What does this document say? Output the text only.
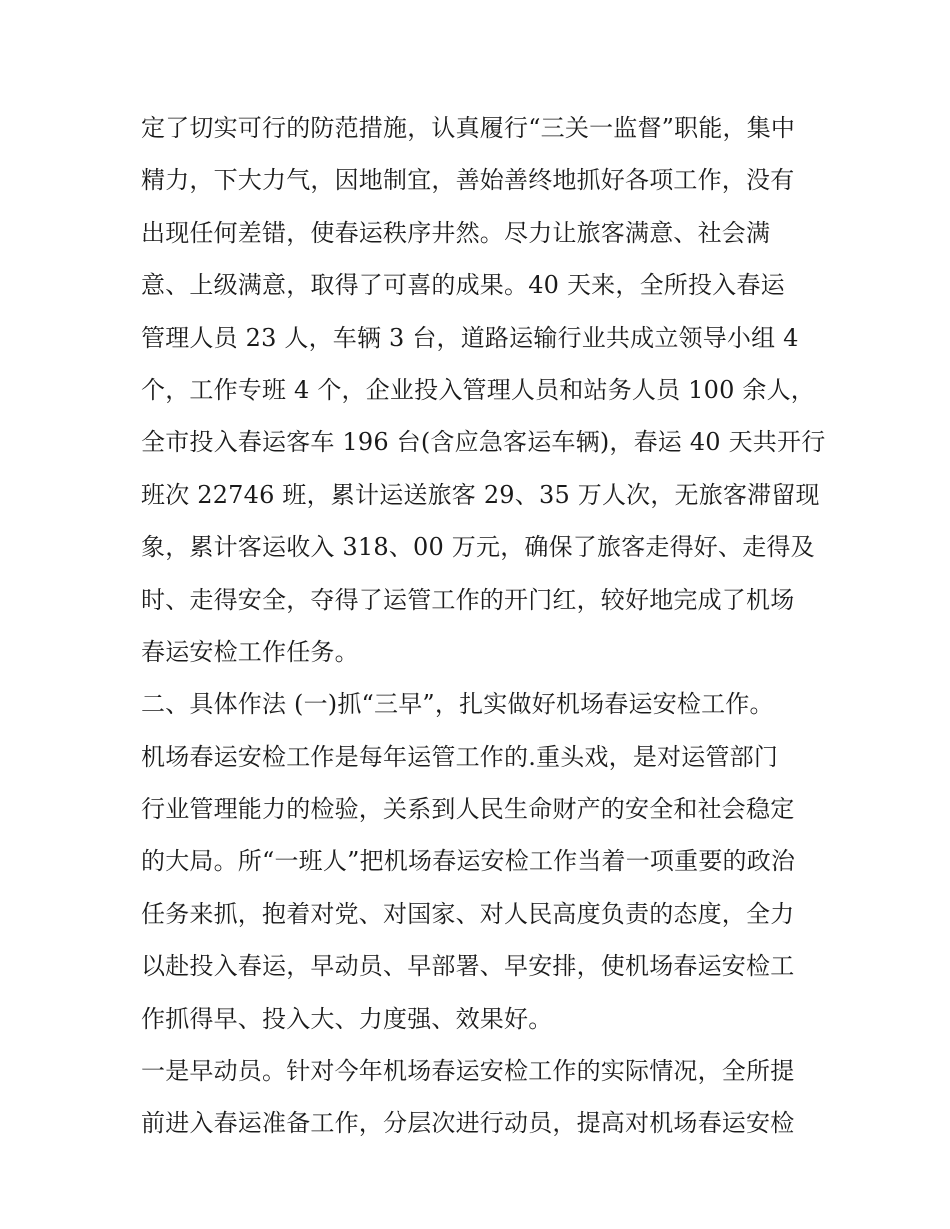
定了切实可行的防范措施，认真履行“三关一监督”职能，集中
精力，下大力气，因地制宜，善始善终地抓好各项工作，没有
出现任何差错，使春运秩序井然。尽力让旅客满意、社会满
意、上级满意，取得了可喜的成果。40 天来，全所投入春运
管理人员 23 人，车辆 3 台，道路运输行业共成立领导小组 4
个，工作专班 4 个，企业投入管理人员和站务人员 100 余人，
全市投入春运客车 196 台(含应急客运车辆)，春运 40 天共开行
班次 22746 班，累计运送旅客 29、35 万人次，无旅客滞留现
象，累计客运收入 318、00 万元，确保了旅客走得好、走得及
时、走得安全，夺得了运管工作的开门红，较好地完成了机场
春运安检工作任务。
二、具体作法 (一)抓“三早”，扎实做好机场春运安检工作。
机场春运安检工作是每年运管工作的.重头戏，是对运管部门
行业管理能力的检验，关系到人民生命财产的安全和社会稳定
的大局。所“一班人”把机场春运安检工作当着一项重要的政治
任务来抓，抱着对党、对国家、对人民高度负责的态度，全力
以赴投入春运，早动员、早部署、早安排，使机场春运安检工
作抓得早、投入大、力度强、效果好。
一是早动员。针对今年机场春运安检工作的实际情况，全所提
前进入春运准备工作，分层次进行动员，提高对机场春运安检
